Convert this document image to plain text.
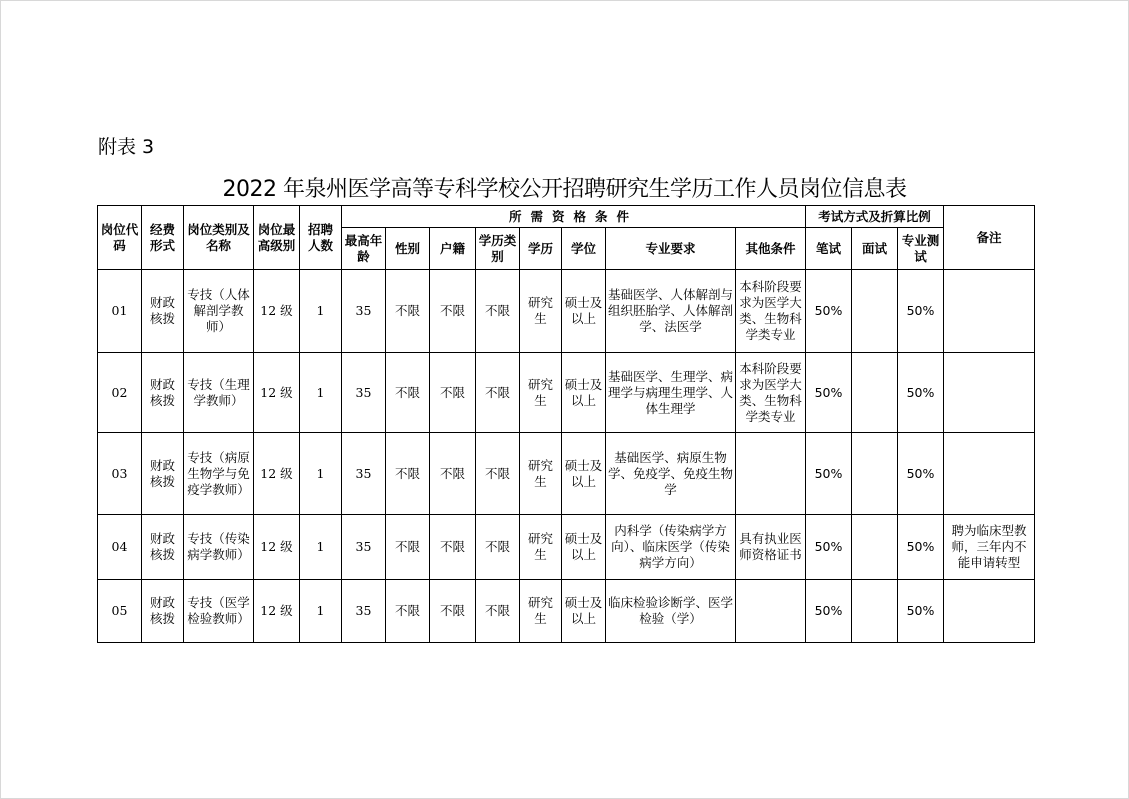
附表 3
2022 年泉州医学高等专科学校公开招聘研究生学历工作人员岗位信息表
岗位代码	经费形式	岗位类别及名称	岗位最高级别	招聘人数	所需资格条件								考试方式及折算比例			备注
					最高年龄	性别	户籍	学历类别	学历	学位	专业要求	其他条件	笔试	面试	专业测试	
01	财政核拨	专技（人体解剖学教师）	12 级	1	35	不限	不限	不限	研究生	硕士及以上	基础医学、人体解剖与组织胚胎学、人体解剖学、法医学	本科阶段要求为医学大类、生物科学类专业	50%		50%	
02	财政核拨	专技（生理学教师）	12 级	1	35	不限	不限	不限	研究生	硕士及以上	基础医学、生理学、病理学与病理生理学、人体生理学	本科阶段要求为医学大类、生物科学类专业	50%		50%	
03	财政核拨	专技（病原生物学与免疫学教师）	12 级	1	35	不限	不限	不限	研究生	硕士及以上	基础医学、病原生物学、免疫学、免疫生物学		50%		50%	
04	财政核拨	专技（传染病学教师）	12 级	1	35	不限	不限	不限	研究生	硕士及以上	内科学（传染病学方向）、临床医学（传染病学方向）	具有执业医师资格证书	50%		50%	聘为临床型教师，三年内不能申请转型
05	财政核拨	专技（医学检验教师）	12 级	1	35	不限	不限	不限	研究生	硕士及以上	临床检验诊断学、医学检验（学）		50%		50%	
